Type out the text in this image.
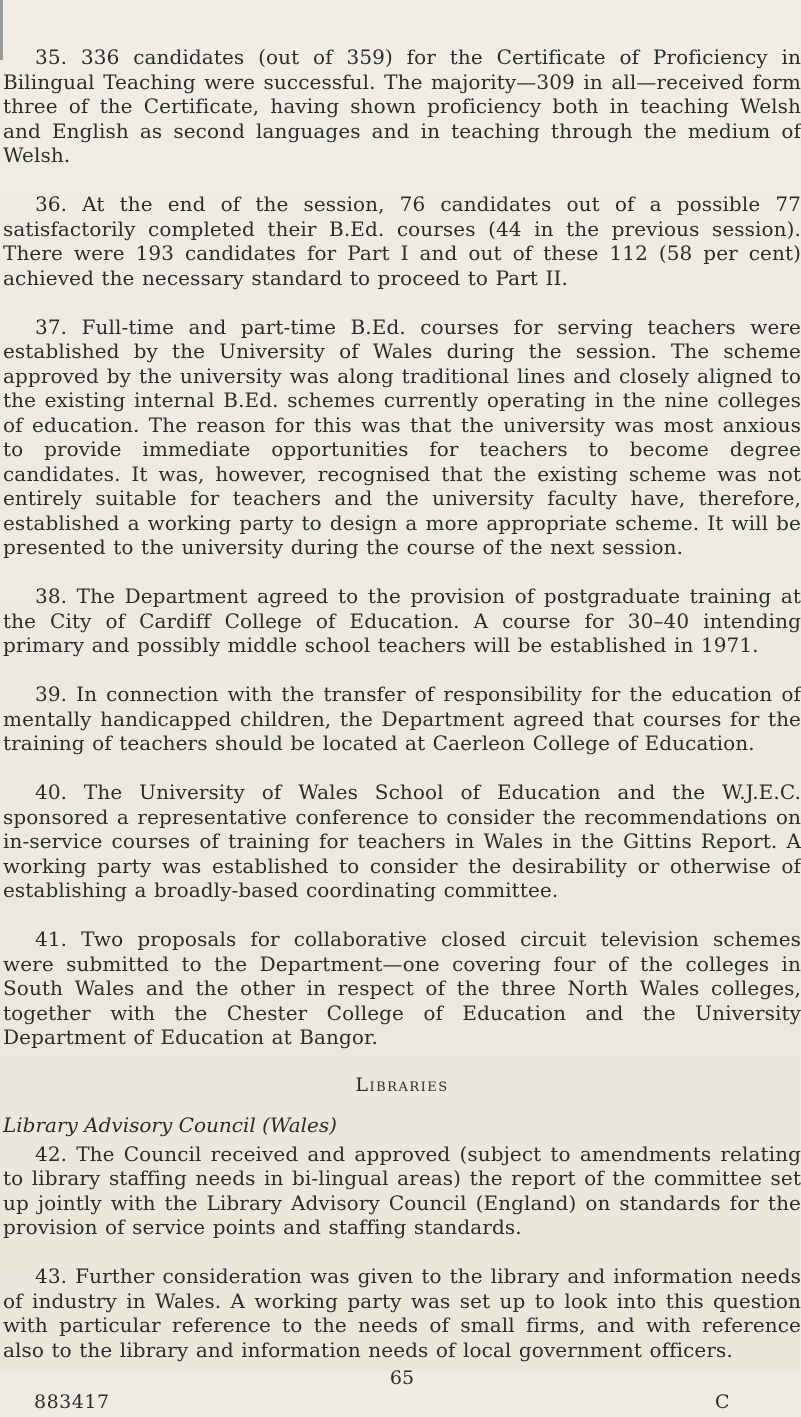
35. 336 candidates (out of 359) for the Certificate of Proficiency in Bilingual Teaching were successful. The majority—309 in all—received form three of the Certificate, having shown proficiency both in teaching Welsh and English as second languages and in teaching through the medium of Welsh.

36. At the end of the session, 76 candidates out of a possible 77 satisfactorily completed their B.Ed. courses (44 in the previous session). There were 193 candidates for Part I and out of these 112 (58 per cent) achieved the necessary standard to proceed to Part II.

37. Full-time and part-time B.Ed. courses for serving teachers were established by the University of Wales during the session. The scheme approved by the university was along traditional lines and closely aligned to the existing internal B.Ed. schemes currently operating in the nine colleges of education. The reason for this was that the university was most anxious to provide immediate opportunities for teachers to become degree candidates. It was, however, recognised that the existing scheme was not entirely suitable for teachers and the university faculty have, therefore, established a working party to design a more appropriate scheme. It will be presented to the university during the course of the next session.

38. The Department agreed to the provision of postgraduate training at the City of Cardiff College of Education. A course for 30–40 intending primary and possibly middle school teachers will be established in 1971.

39. In connection with the transfer of responsibility for the education of mentally handicapped children, the Department agreed that courses for the training of teachers should be located at Caerleon College of Education.

40. The University of Wales School of Education and the W.J.E.C. sponsored a representative conference to consider the recommendations on in-service courses of training for teachers in Wales in the Gittins Report. A working party was established to consider the desirability or otherwise of establishing a broadly-based coordinating committee.

41. Two proposals for collaborative closed circuit television schemes were submitted to the Department—one covering four of the colleges in South Wales and the other in respect of the three North Wales colleges, together with the Chester College of Education and the University Department of Education at Bangor.

Libraries
Library Advisory Council (Wales)

42. The Council received and approved (subject to amendments relating to library staffing needs in bi-lingual areas) the report of the committee set up jointly with the Library Advisory Council (England) on standards for the provision of service points and staffing standards.

43. Further consideration was given to the library and information needs of industry in Wales. A working party was set up to look into this question with particular reference to the needs of small firms, and with reference also to the library and information needs of local government officers.

65
883417	C
